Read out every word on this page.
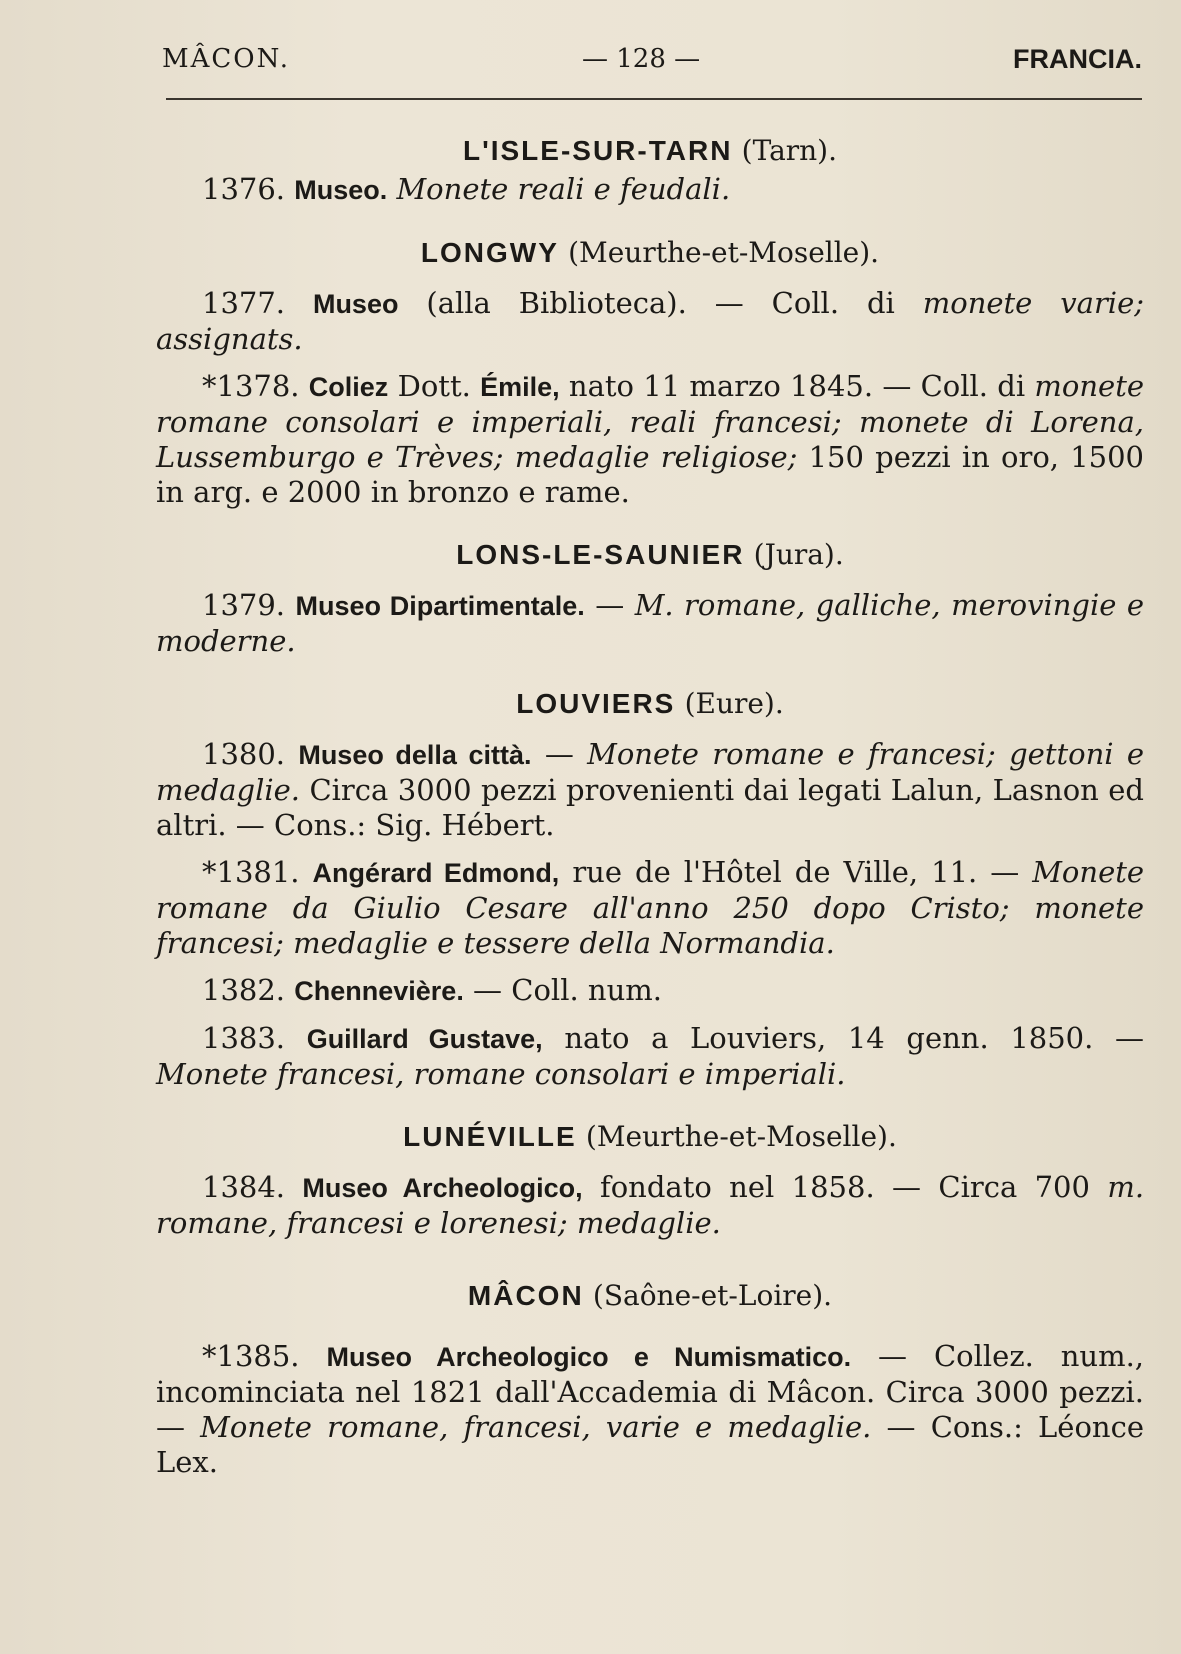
MÂCON.	— 128 —	FRANCIA.
L'ISLE-SUR-TARN (Tarn).

1376. Museo. Monete reali e feudali.

LONGWY (Meurthe-et-Moselle).

1377. Museo (alla Biblioteca). — Coll. di monete varie; assignats.

*1378. Coliez Dott. Émile, nato 11 marzo 1845. — Coll. di monete romane consolari e imperiali, reali francesi; monete di Lorena, Lussemburgo e Trèves; medaglie religiose; 150 pezzi in oro, 1500 in arg. e 2000 in bronzo e rame.

LONS-LE-SAUNIER (Jura).

1379. Museo Dipartimentale. — M. romane, galliche, merovingie e moderne.

LOUVIERS (Eure).

1380. Museo della città. — Monete romane e francesi; gettoni e medaglie. Circa 3000 pezzi provenienti dai legati Lalun, Lasnon ed altri. — Cons.: Sig. Hébert.

*1381. Angérard Edmond, rue de l'Hôtel de Ville, 11. — Monete romane da Giulio Cesare all'anno 250 dopo Cristo; monete francesi; medaglie e tessere della Normandia.

1382. Chennevière. — Coll. num.

1383. Guillard Gustave, nato a Louviers, 14 genn. 1850. — Monete francesi, romane consolari e imperiali.

LUNÉVILLE (Meurthe-et-Moselle).

1384. Museo Archeologico, fondato nel 1858. — Circa 700 m. romane, francesi e lorenesi; medaglie.

MÂCON (Saône-et-Loire).

*1385. Museo Archeologico e Numismatico. — Collez. num., incominciata nel 1821 dall'Accademia di Mâcon. Circa 3000 pezzi. — Monete romane, francesi, varie e medaglie. — Cons.: Léonce Lex.
